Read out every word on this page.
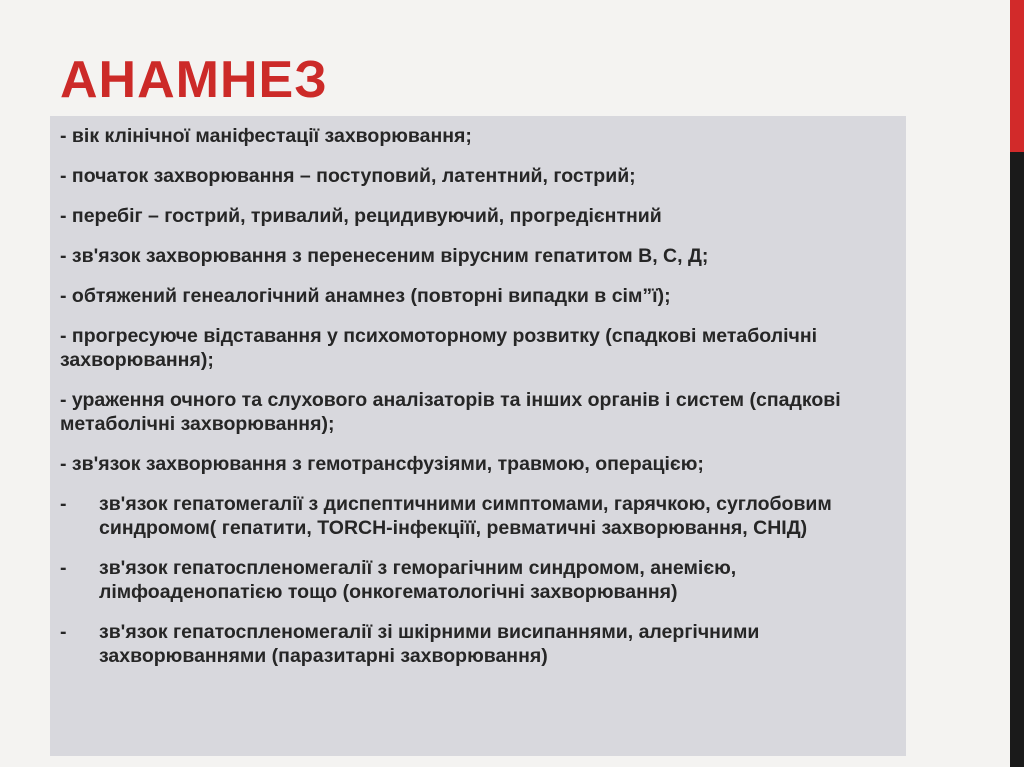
АНАМНЕЗ
- вік клінічної маніфестації захворювання;
- початок захворювання – поступовий, латентний, гострий;
- перебіг – гострий, тривалий, рецидивуючий, прогредієнтний
- зв'язок захворювання з перенесеним вірусним гепатитом В, С, Д;
- обтяжений генеалогічний анамнез (повторні випадки в сім”ї);
- прогресуюче відставання у психомоторному розвитку (спадкові метаболічні захворювання);
- ураження очного та слухового аналізаторів та інших органів і систем (спадкові метаболічні захворювання);
- зв'язок захворювання з гемотрансфузіями, травмою, операцією;
-	зв'язок гепатомегалії з диспептичними симптомами, гарячкою, суглобовим синдромом( гепатити, TORCH-інфекціїї, ревматичні захворювання, СНІД)
-	зв'язок гепатоспленомегалії з геморагічним синдромом, анемією, лімфоаденопатією тощо (онкогематологічні захворювання)
-	зв'язок гепатоспленомегалії зі шкірними висипаннями, алергічними захворюваннями (паразитарні захворювання)
